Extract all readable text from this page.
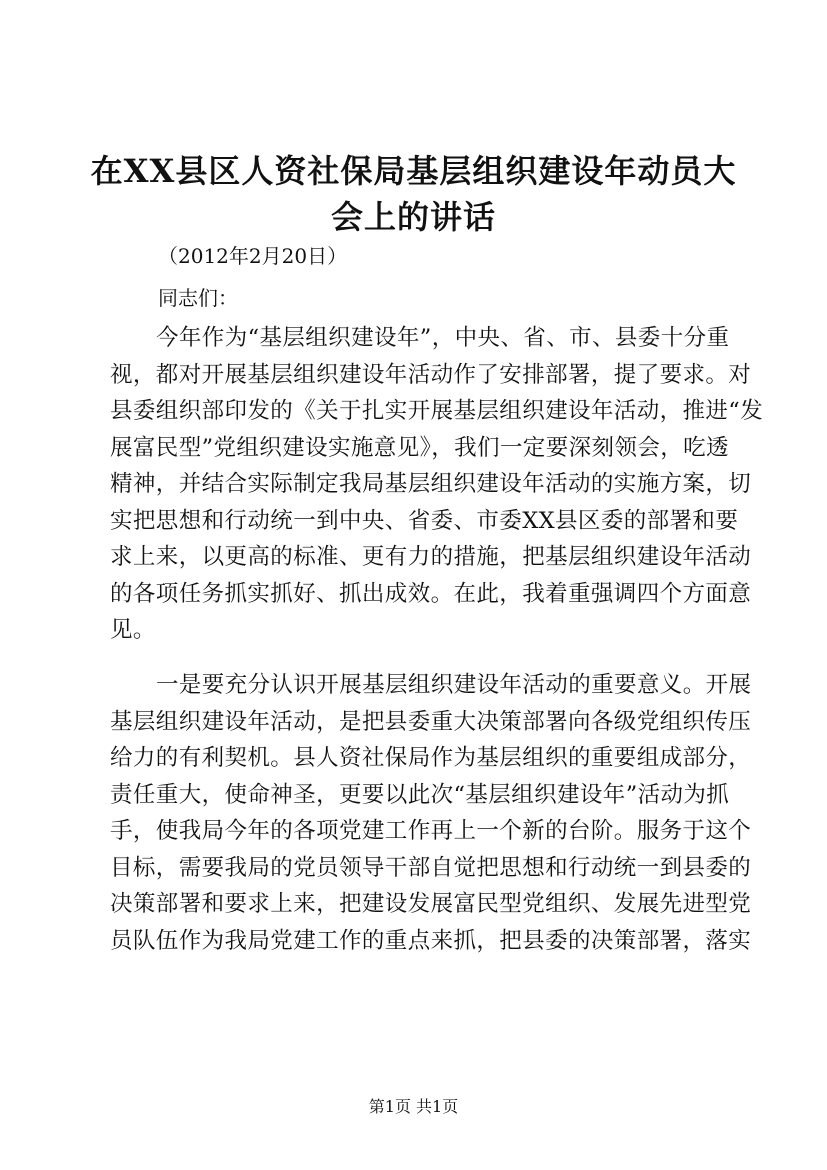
在XX县区人资社保局基层组织建设年动员大
会上的讲话
（2012年2月20日）
同志们：
今年作为“基层组织建设年”，中央、省、市、县委十分重
视，都对开展基层组织建设年活动作了安排部署，提了要求。对
县委组织部印发的《关于扎实开展基层组织建设年活动，推进“发
展富民型”党组织建设实施意见》，我们一定要深刻领会，吃透
精神，并结合实际制定我局基层组织建设年活动的实施方案，切
实把思想和行动统一到中央、省委、市委XX县区委的部署和要
求上来，以更高的标准、更有力的措施，把基层组织建设年活动
的各项任务抓实抓好、抓出成效。在此，我着重强调四个方面意
见。
一是要充分认识开展基层组织建设年活动的重要意义。开展
基层组织建设年活动，是把县委重大决策部署向各级党组织传压
给力的有利契机。县人资社保局作为基层组织的重要组成部分，
责任重大，使命神圣，更要以此次“基层组织建设年”活动为抓
手，使我局今年的各项党建工作再上一个新的台阶。服务于这个
目标，需要我局的党员领导干部自觉把思想和行动统一到县委的
决策部署和要求上来，把建设发展富民型党组织、发展先进型党
员队伍作为我局党建工作的重点来抓，把县委的决策部署，落实
第1页 共1页
